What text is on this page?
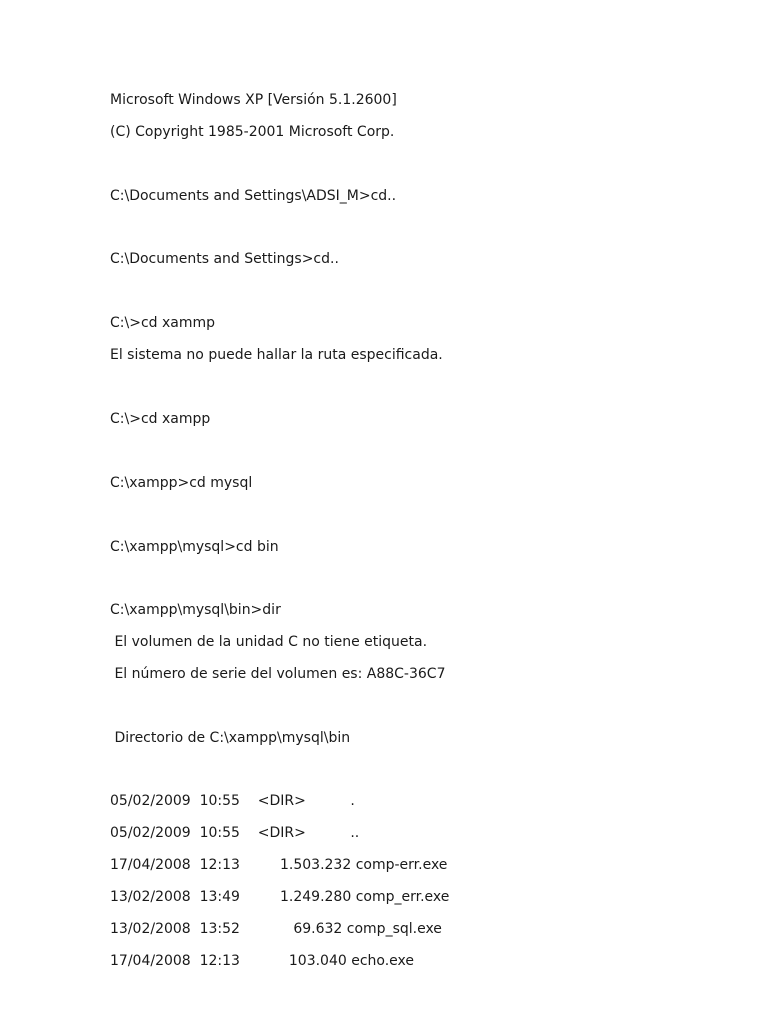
Microsoft Windows XP [Versión 5.1.2600]
(C) Copyright 1985-2001 Microsoft Corp.
C:\Documents and Settings\ADSI_M>cd..
C:\Documents and Settings>cd..
C:\>cd xammp
El sistema no puede hallar la ruta especificada.
C:\>cd xampp
C:\xampp>cd mysql
C:\xampp\mysql>cd bin
C:\xampp\mysql\bin>dir
El volumen de la unidad C no tiene etiqueta.
El número de serie del volumen es: A88C-36C7
Directorio de C:\xampp\mysql\bin
05/02/2009  10:55    <DIR>          .
05/02/2009  10:55    <DIR>          ..
17/04/2008  12:13         1.503.232 comp-err.exe
13/02/2008  13:49         1.249.280 comp_err.exe
13/02/2008  13:52            69.632 comp_sql.exe
17/04/2008  12:13           103.040 echo.exe
